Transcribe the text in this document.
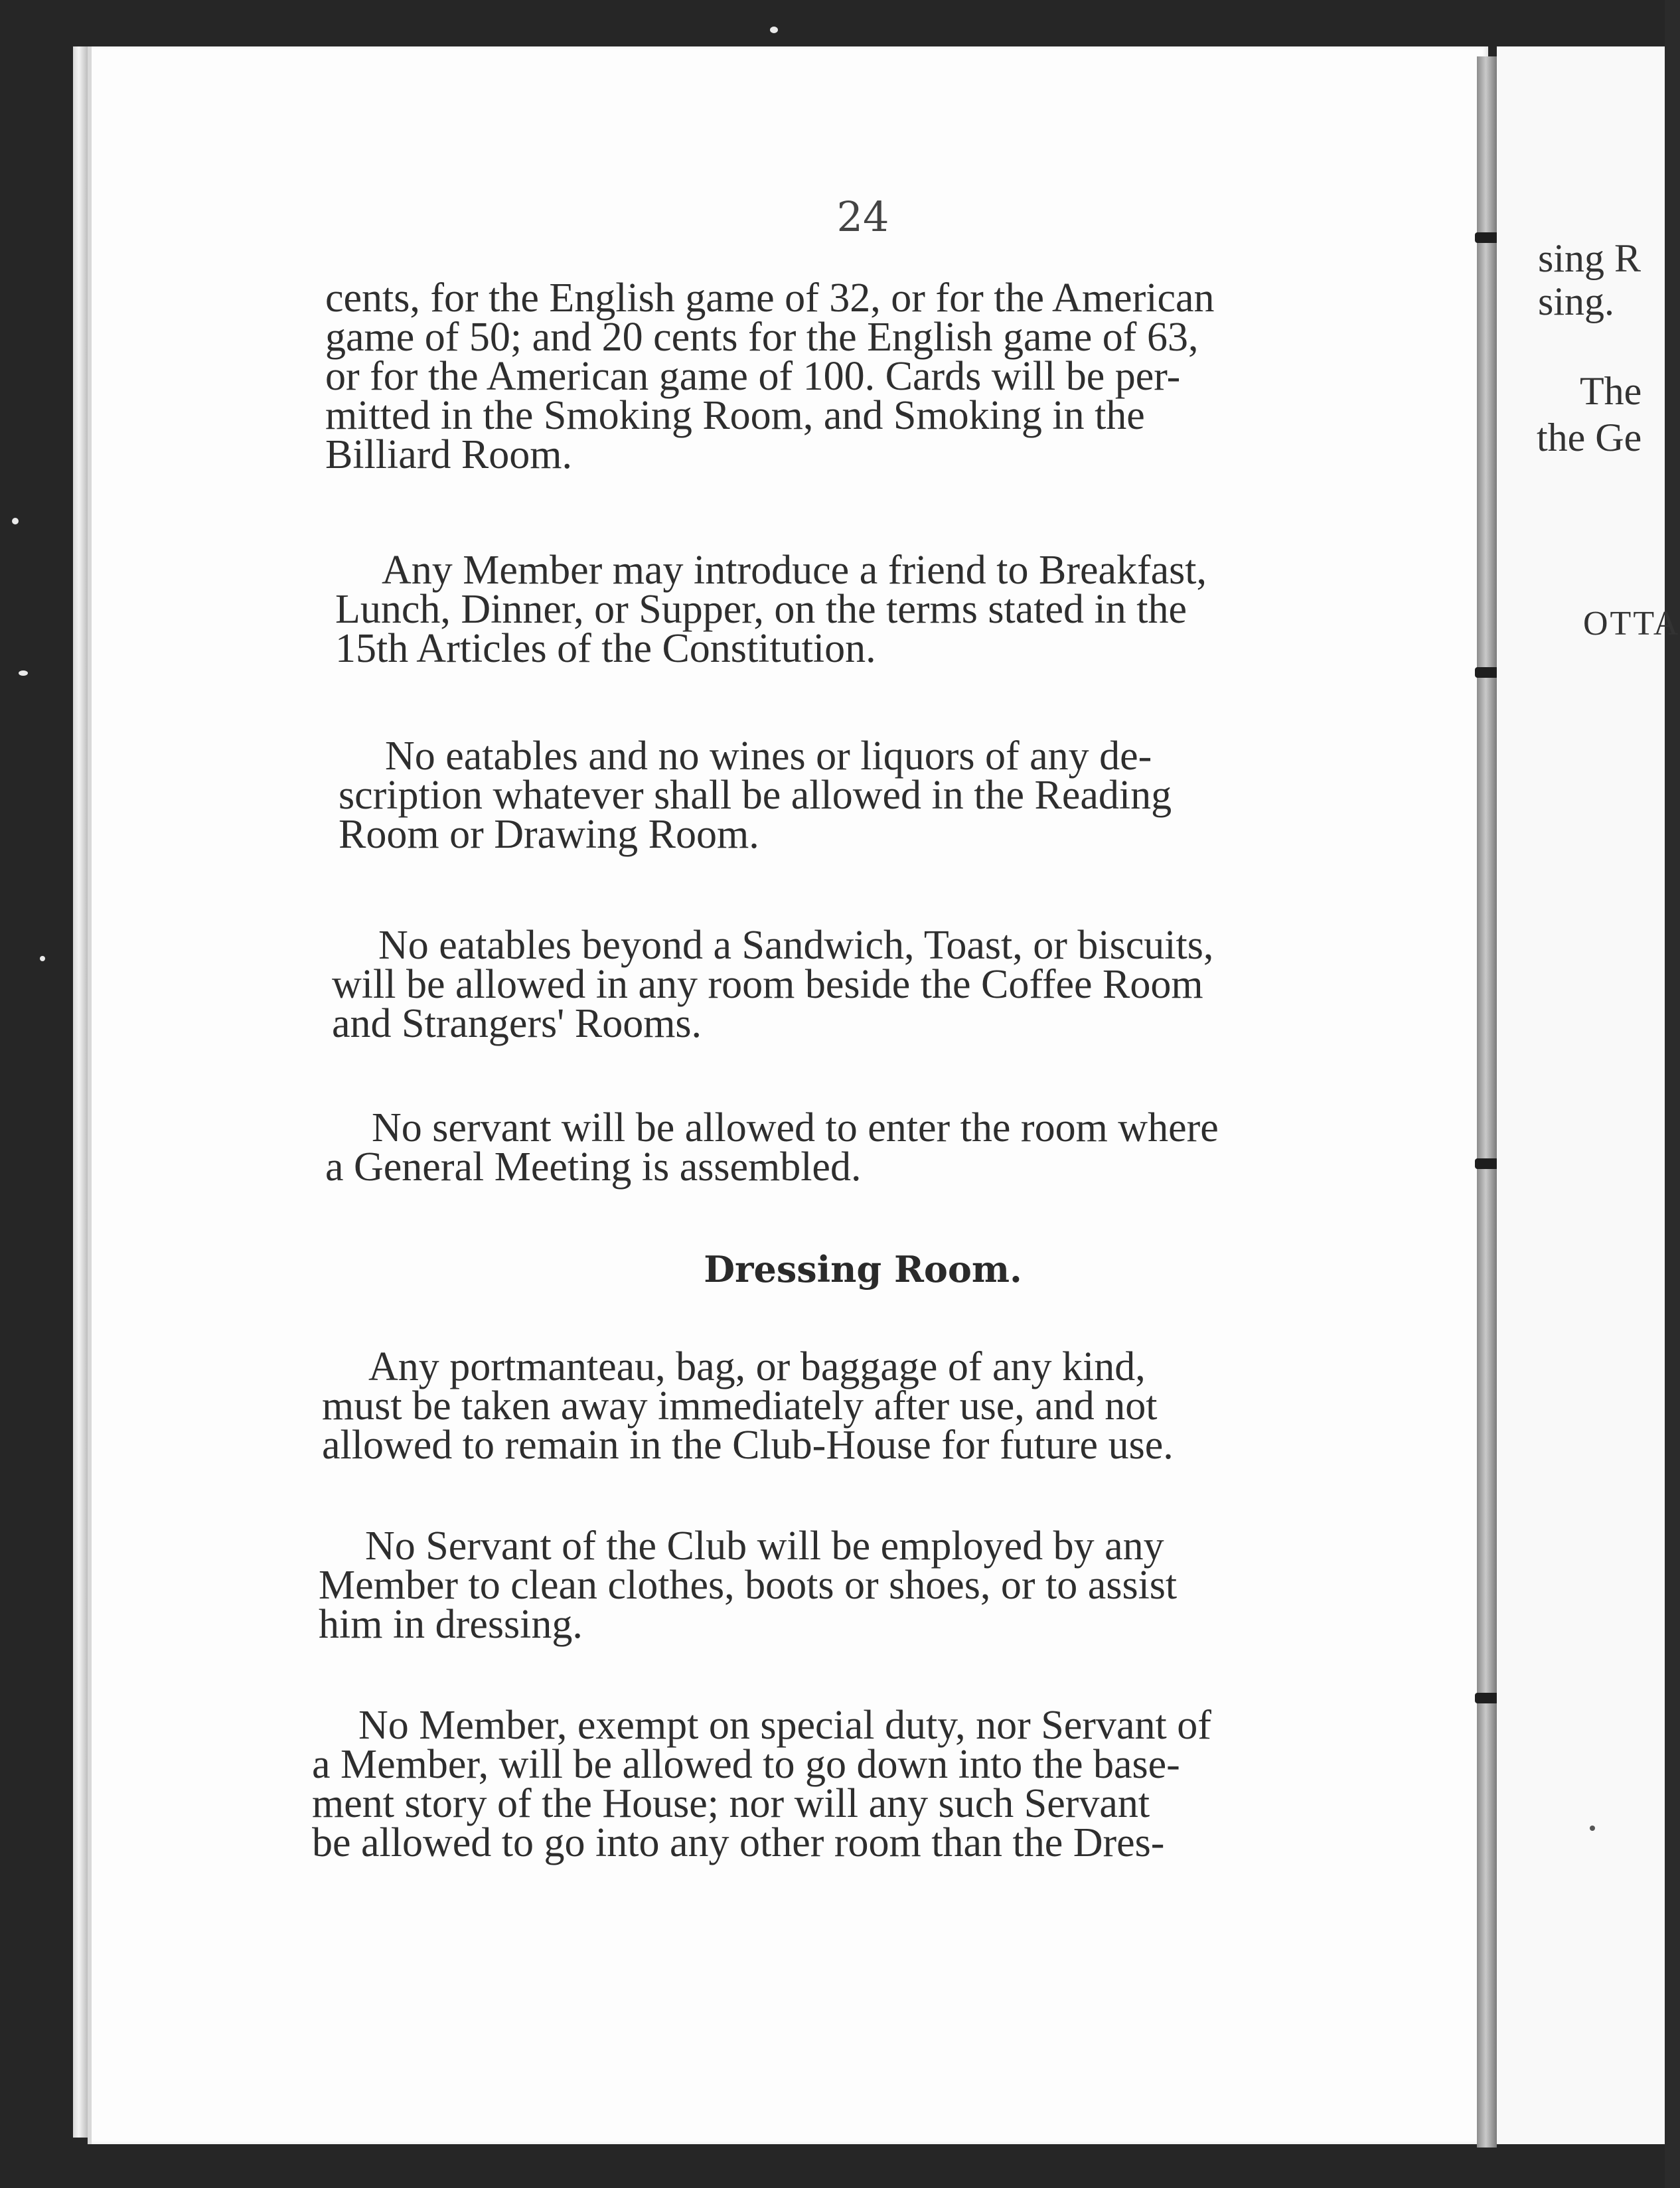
24
cents, for the English game of 32, or for the American
game of 50; and 20 cents for the English game of 63,
or for the American game of 100. Cards will be per-
mitted in the Smoking Room, and Smoking in the
Billiard Room.
Any Member may introduce a friend to Breakfast,
Lunch, Dinner, or Supper, on the terms stated in the
15th Articles of the Constitution.
No eatables and no wines or liquors of any de-
scription whatever shall be allowed in the Reading
Room or Drawing Room.
No eatables beyond a Sandwich, Toast, or biscuits,
will be allowed in any room beside the Coffee Room
and Strangers' Rooms.
No servant will be allowed to enter the room where
a General Meeting is assembled.
Dressing Room.
Any portmanteau, bag, or baggage of any kind,
must be taken away immediately after use, and not
allowed to remain in the Club-House for future use.
No Servant of the Club will be employed by any
Member to clean clothes, boots or shoes, or to assist
him in dressing.
No Member, exempt on special duty, nor Servant of
a Member, will be allowed to go down into the base-
ment story of the House; nor will any such Servant
be allowed to go into any other room than the Dres-
sing R
sing.
The
the Ge
OTTA
